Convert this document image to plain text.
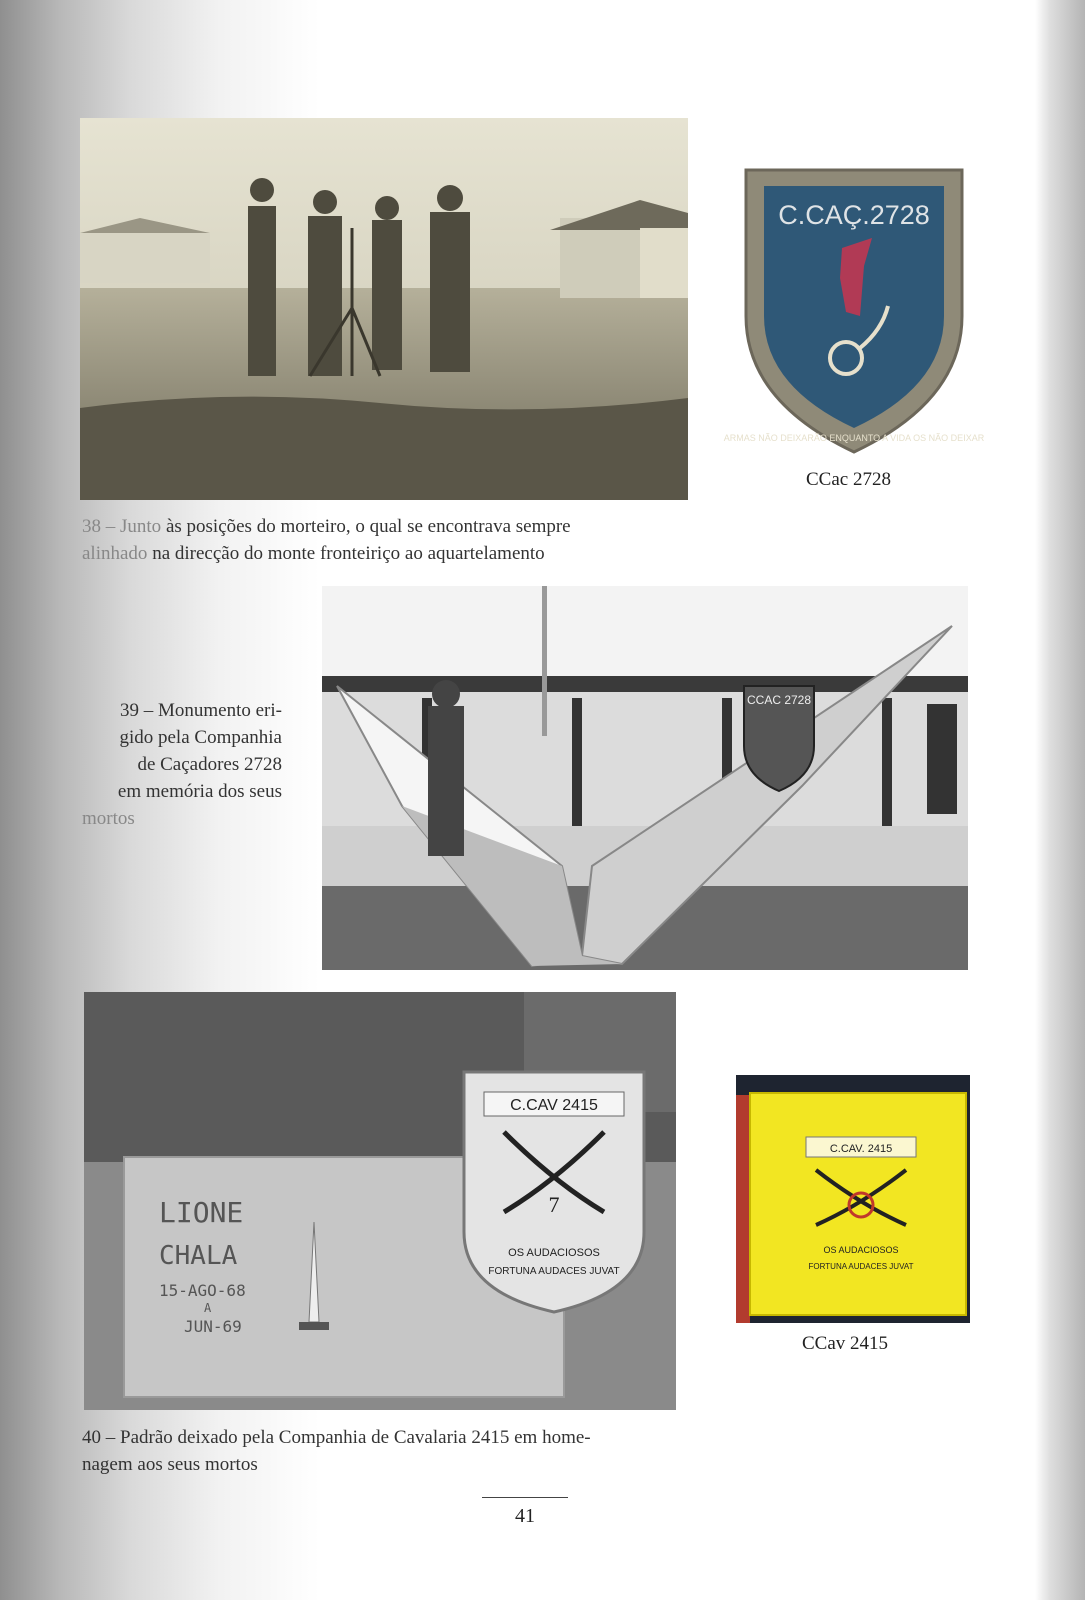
C.CAÇ.2728
ARMAS NÃO DEIXARÃO ENQUANTO A VIDA OS NÃO DEIXAR
CCac 2728
38 – Junto às posições do morteiro, o qual se encontrava sempre
alinhado na direcção do monte fronteiriço ao aquartelamento
CCAC 2728
39 – Monumento eri-
gido pela Companhia
de Caçadores 2728
em memória dos seus
mortos
LIONE
CHALA
15-AGO-68
A
JUN-69
C.CAV 2415
7
OS AUDACIOSOS
FORTUNA AUDACES JUVAT
C.CAV. 2415
OS AUDACIOSOS
FORTUNA AUDACES JUVAT
CCav 2415
40 – Padrão deixado pela Companhia de Cavalaria 2415 em home-
nagem aos seus mortos
41
